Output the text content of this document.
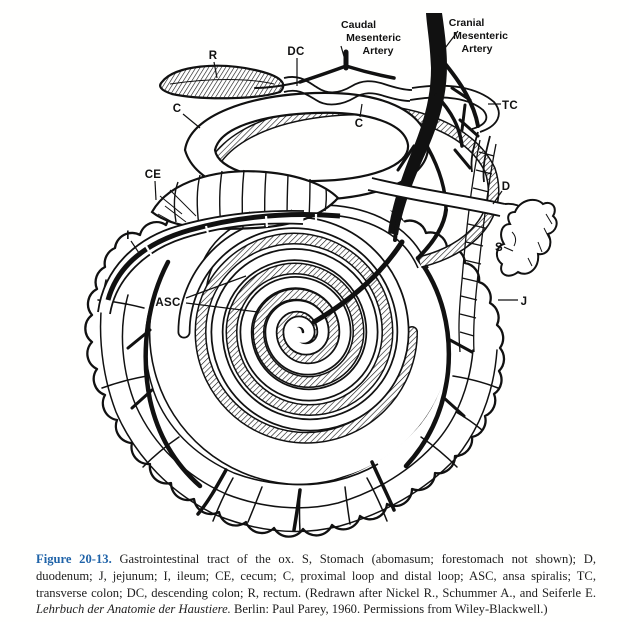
R	DC
Caudal Mesenteric Artery
Cranial Mesenteric Artery
C
C
CE
I
ASC
TC
D
S
J
Figure 20-13. Gastrointestinal tract of the ox. S, Stomach (abomasum; forestomach not shown); D, duodenum; J, jejunum; I, ileum; CE, cecum; C, proximal loop and distal loop; ASC, ansa spiralis; TC, transverse colon; DC, descending colon; R, rectum. (Redrawn after Nickel R., Schummer A., and Seiferle E. Lehrbuch der Anatomie der Haustiere. Berlin: Paul Parey, 1960. Permissions from Wiley-Blackwell.)
